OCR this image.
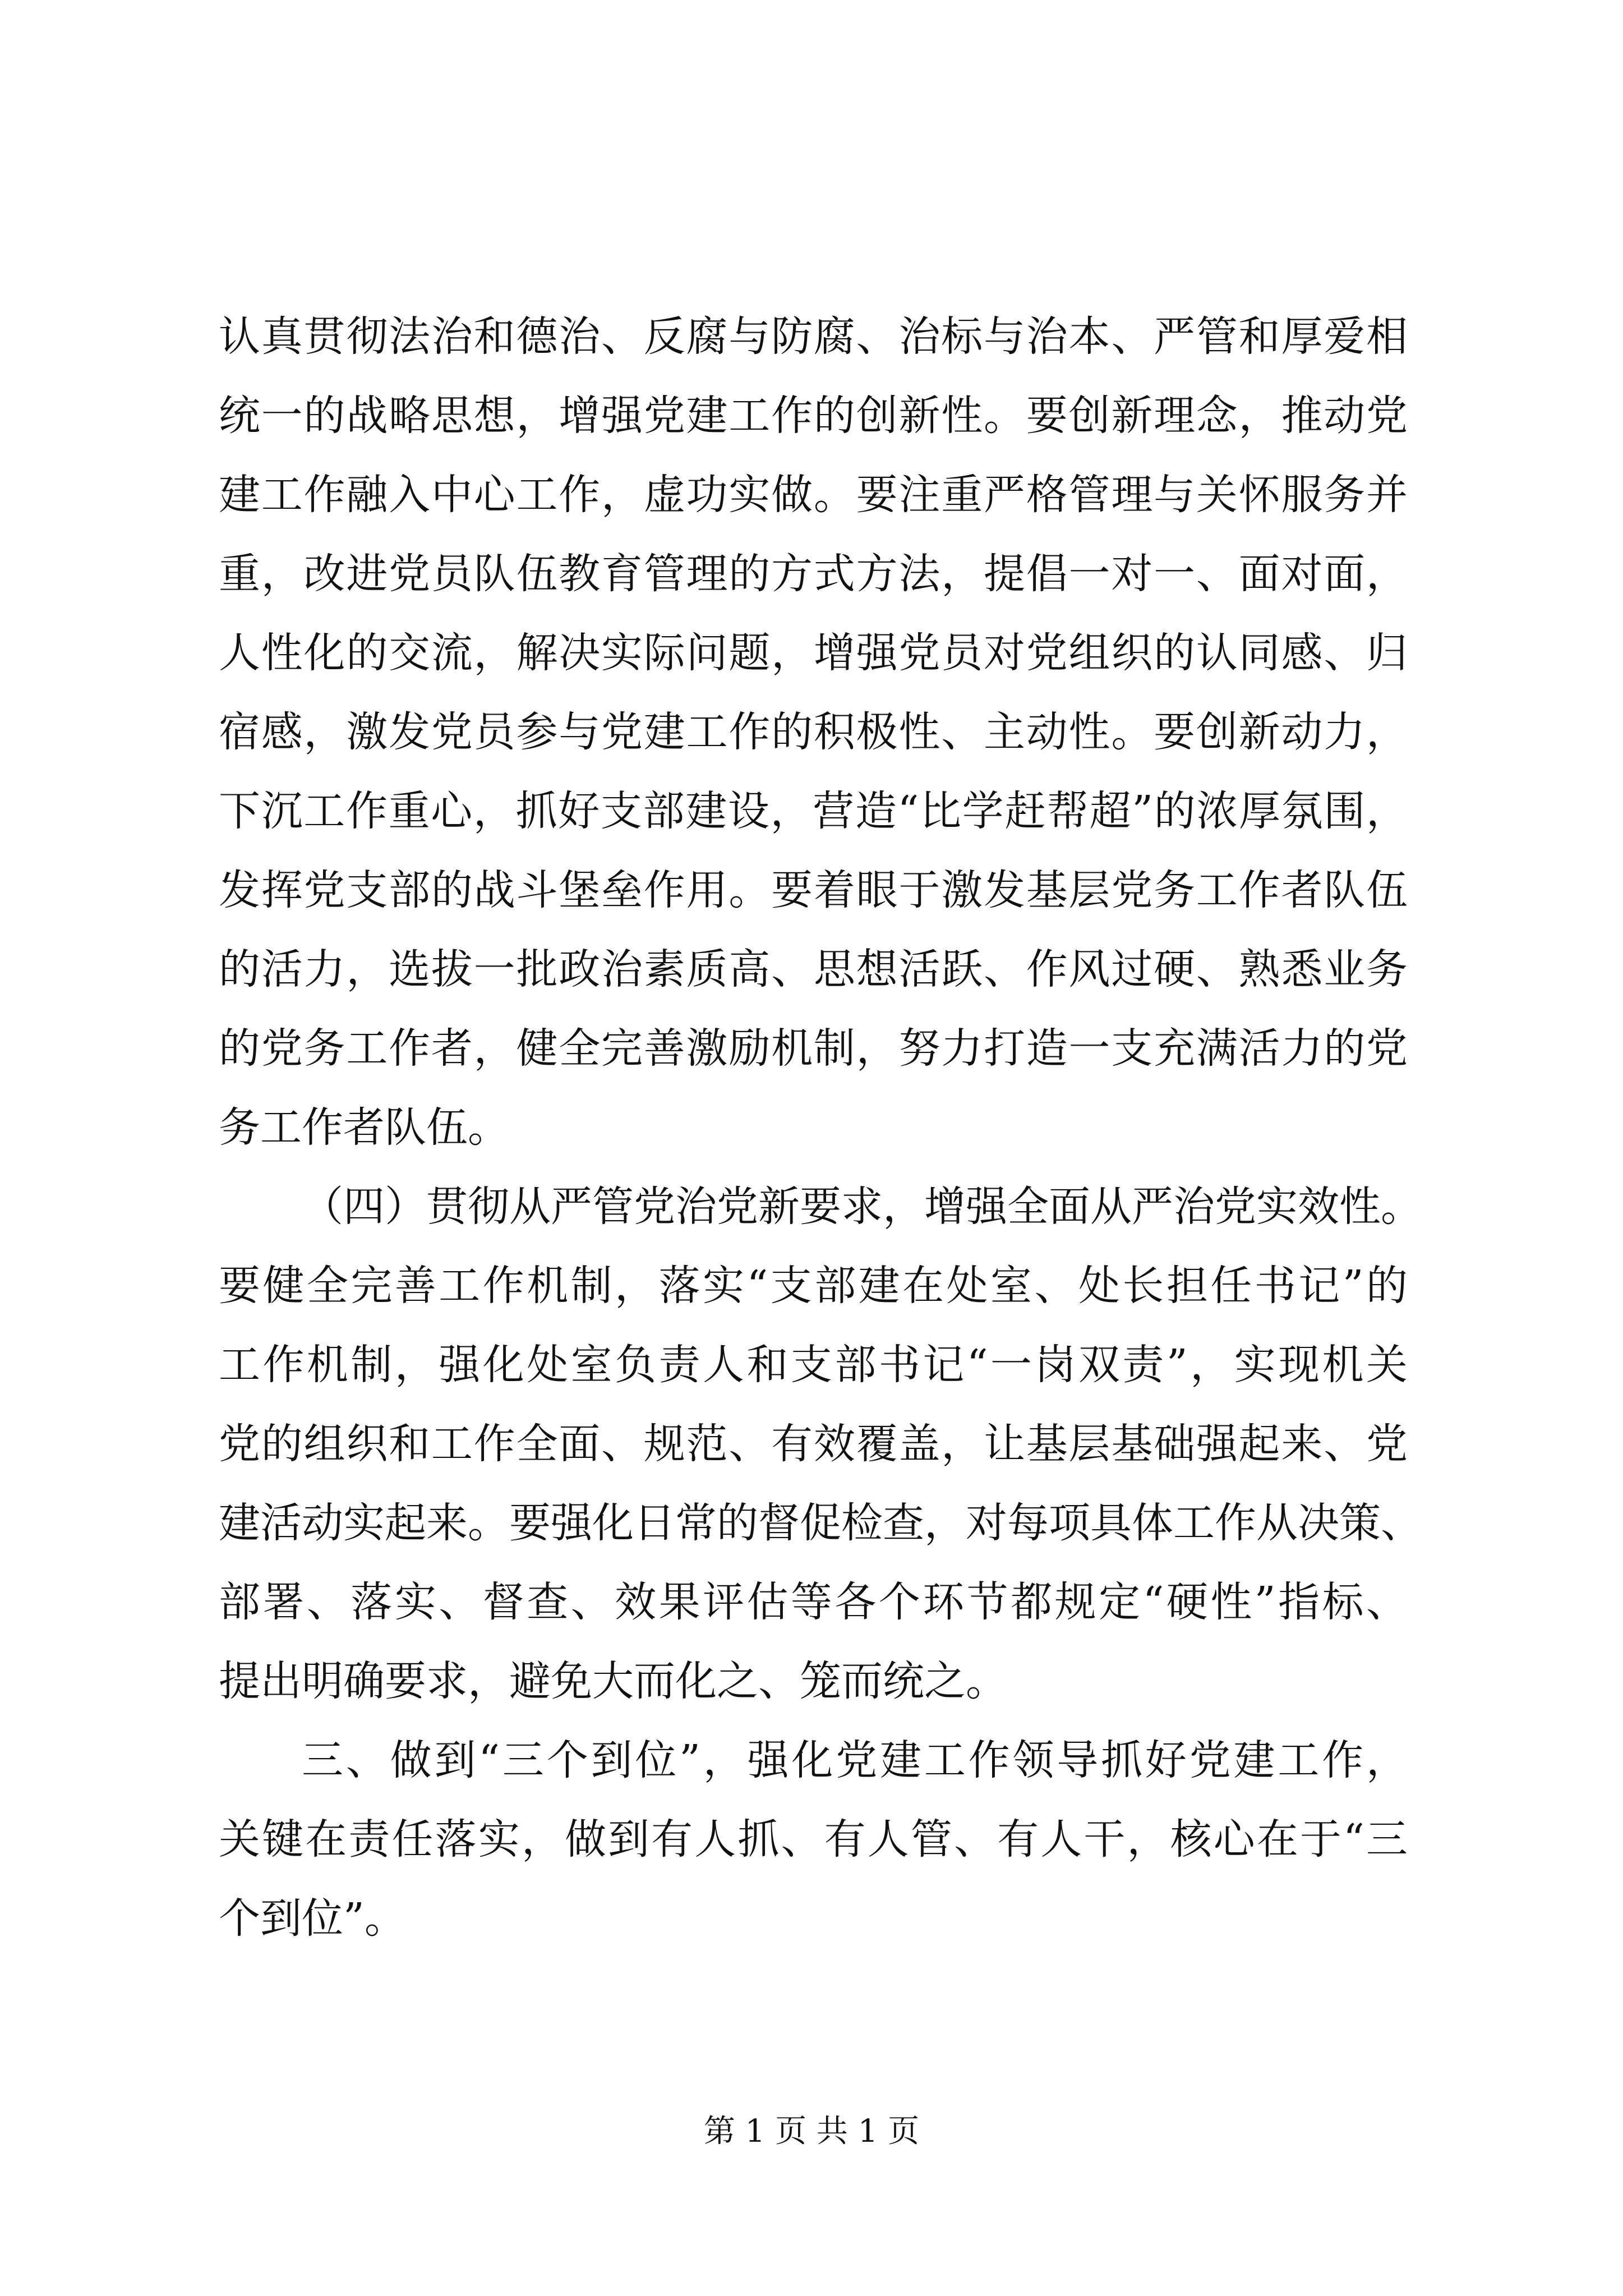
认真贯彻法治和德治、反腐与防腐、治标与治本、严管和厚爱相
统一的战略思想，增强党建工作的创新性。要创新理念，推动党
建工作融入中心工作，虚功实做。要注重严格管理与关怀服务并
重，改进党员队伍教育管理的方式方法，提倡一对一、面对面，
人性化的交流，解决实际问题，增强党员对党组织的认同感、归
宿感，激发党员参与党建工作的积极性、主动性。要创新动力，
下沉工作重心，抓好支部建设，营造“比学赶帮超”的浓厚氛围，
发挥党支部的战斗堡垒作用。要着眼于激发基层党务工作者队伍
的活力，选拔一批政治素质高、思想活跃、作风过硬、熟悉业务
的党务工作者，健全完善激励机制，努力打造一支充满活力的党
务工作者队伍。
（四）贯彻从严管党治党新要求，增强全面从严治党实效性。
要健全完善工作机制，落实“支部建在处室、处长担任书记”的
工作机制，强化处室负责人和支部书记“一岗双责”，实现机关
党的组织和工作全面、规范、有效覆盖，让基层基础强起来、党
建活动实起来。要强化日常的督促检查，对每项具体工作从决策、
部署、落实、督查、效果评估等各个环节都规定“硬性”指标、
提出明确要求，避免大而化之、笼而统之。
三、做到“三个到位”，强化党建工作领导抓好党建工作，
关键在责任落实，做到有人抓、有人管、有人干，核心在于“三
个到位”。
第 1 页 共 1 页
